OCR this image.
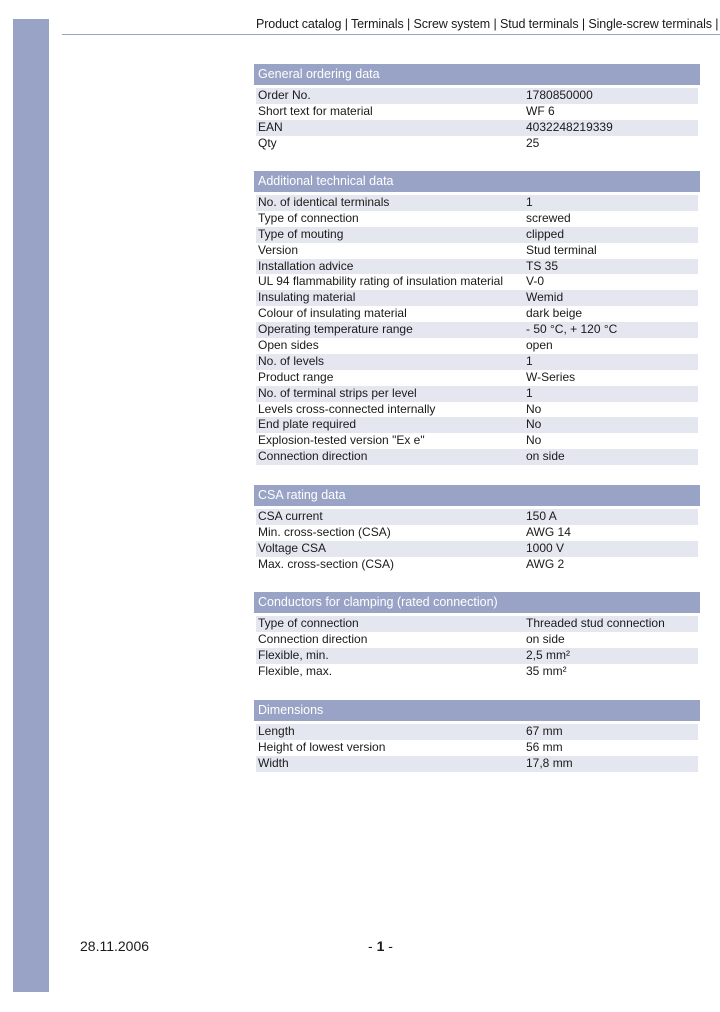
Product catalog | Terminals | Screw system | Stud terminals | Single-screw terminals |
General ordering data
Order No.	1780850000
Short text for material	WF 6
EAN	4032248219339
Qty	25
Additional technical data
No. of identical terminals	1
Type of connection	screwed
Type of mouting	clipped
Version	Stud terminal
Installation advice	TS 35
UL 94 flammability rating of insulation material	V-0
Insulating material	Wemid
Colour of insulating material	dark beige
Operating temperature range	- 50 °C, + 120 °C
Open sides	open
No. of levels	1
Product range	W-Series
No. of terminal strips per level	1
Levels cross-connected internally	No
End plate required	No
Explosion-tested version "Ex e"	No
Connection direction	on side
CSA rating data
CSA current	150 A
Min. cross-section (CSA)	AWG 14
Voltage CSA	1000 V
Max. cross-section (CSA)	AWG 2
Conductors for clamping (rated connection)
Type of connection	Threaded stud connection
Connection direction	on side
Flexible, min.	2,5 mm²
Flexible, max.	35 mm²
Dimensions
Length	67 mm
Height of lowest version	56 mm
Width	17,8 mm
28.11.2006	- 1 -
